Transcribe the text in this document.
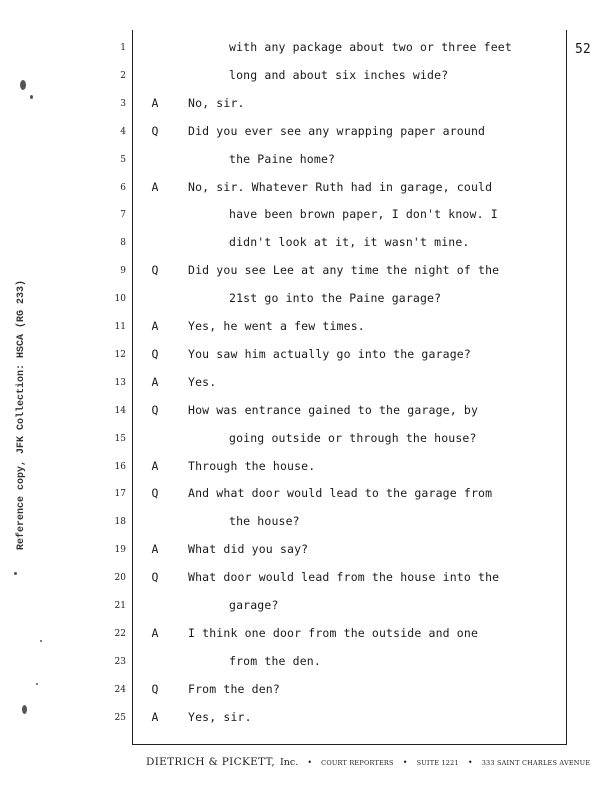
52
Reference copy, JFK Collection: HSCA (RG 233)
1	with any package about two or three feet
2	long and about six inches wide?
3	A	No, sir.
4	Q	Did you ever see any wrapping paper around
5	the Paine home?
6	A	No, sir. Whatever Ruth had in garage, could
7	have been brown paper, I don't know. I
8	didn't look at it, it wasn't mine.
9	Q	Did you see Lee at any time the night of the
10	21st go into the Paine garage?
11	A	Yes, he went a few times.
12	Q	You saw him actually go into the garage?
13	A	Yes.
14	Q	How was entrance gained to the garage, by
15	going outside or through the house?
16	A	Through the house.
17	Q	And what door would lead to the garage from
18	the house?
19	A	What did you say?
20	Q	What door would lead from the house into the
21	garage?
22	A	I think one door from the outside and one
23	from the den.
24	Q	From the den?
25	A	Yes, sir.
DIETRICH & PICKETT, Inc. • COURT REPORTERS • SUITE 1221 • 333 SAINT CHARLES AVENUE
